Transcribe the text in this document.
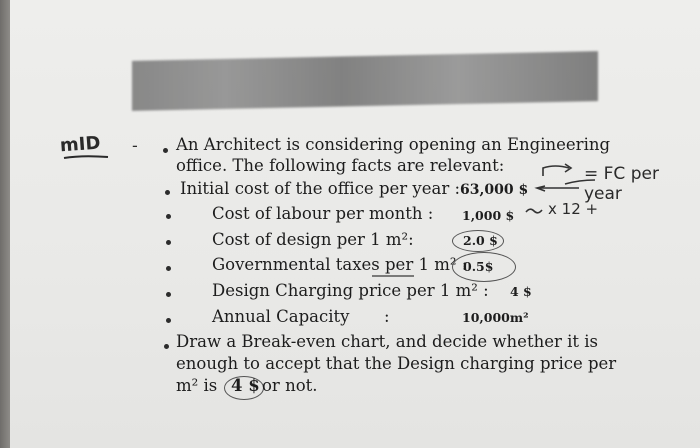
mID - An Architect is considering opening an Engineering
office. The following facts are relevant:	= FC per year
Initial cost of the office per year : 63,000 $
Cost of labour per month : 1,000 $ x 12 +
Cost of design per 1 m²:	2.0 $
Governmental taxes per 1 m² :
0.5$
Design Charging price per 1 m² : 4 $
Annual Capacity :	10,000m²
Draw a Break-even chart, and decide whether it is
enough to accept that the Design charging price per
m² is 4 $ or not.
